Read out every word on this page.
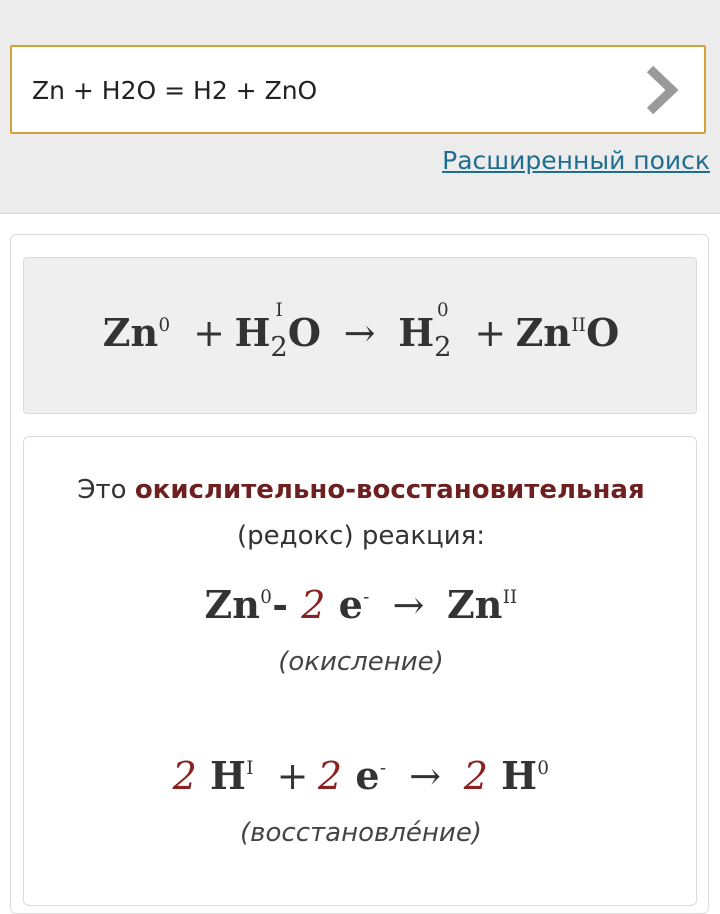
Zn + H2O = H2 + ZnO
Расширенный поиск
$Zn^0 + H$ I
$_2$O → H 0
$_2 + Zn^{II}O$
Это окислительно-восстановительная
(редокс) реакция:
Zn$^0$- 2 $e^- \to Zn^{II}$
(окисление)
2 $H^I + 2$ e- → 2 $H^0$
(восстановле́ние)
